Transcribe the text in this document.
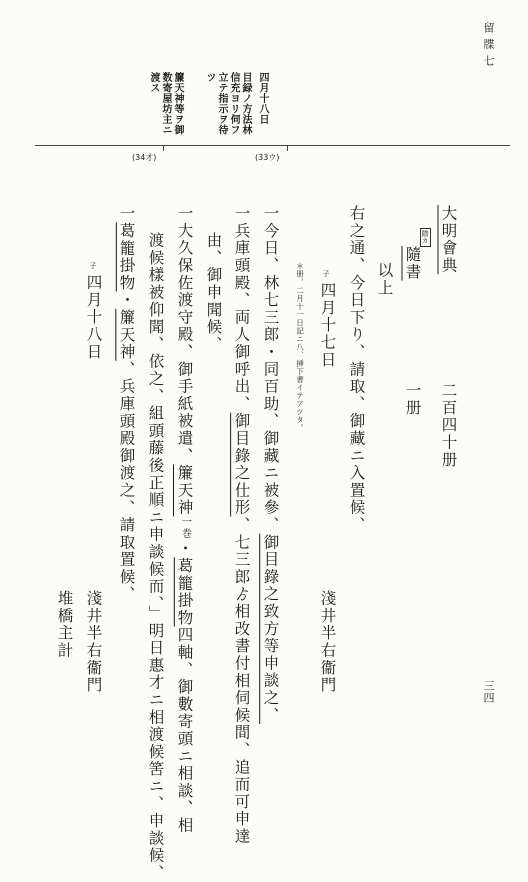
留 牒 七
三四
四月十八日
目録ノ方法林
信充ヨリ伺フ
立テ指示ヲ待
ツ
簾天神等ヲ御
数寄屋坊主ニ
渡ス
(34才)	(33ウ)
大明會典
二百四十册
隋カ
隨書
一册
以上
右之通、今日下り、請取、御藏ニ入置候、
子
四月十七日
淺井半右衞門
＊册、二月十一日記ニ八、挿下書イテアツタ。
一今日、林七三郎・同百助、御藏ニ被參、御目錄之致方等申談之、
一兵庫頭殿、両人御呼出、御目錄之仕形、七三郎ゟ相改書付相伺候間、追而可申達
由、御申聞候、
一大久保佐渡守殿、御手紙被遣、簾天神一巻・葛籠掛物四軸、御數寄頭ニ相談、相
渡候樣被仰聞、依之、組頭藤後正順ニ申談候而、」明日惠才ニ相渡候筈ニ、申談候、
一葛籠掛物・簾天神、兵庫頭殿御渡之、請取置候、
子
四月十八日
淺井半右衞門
堆橋主計
